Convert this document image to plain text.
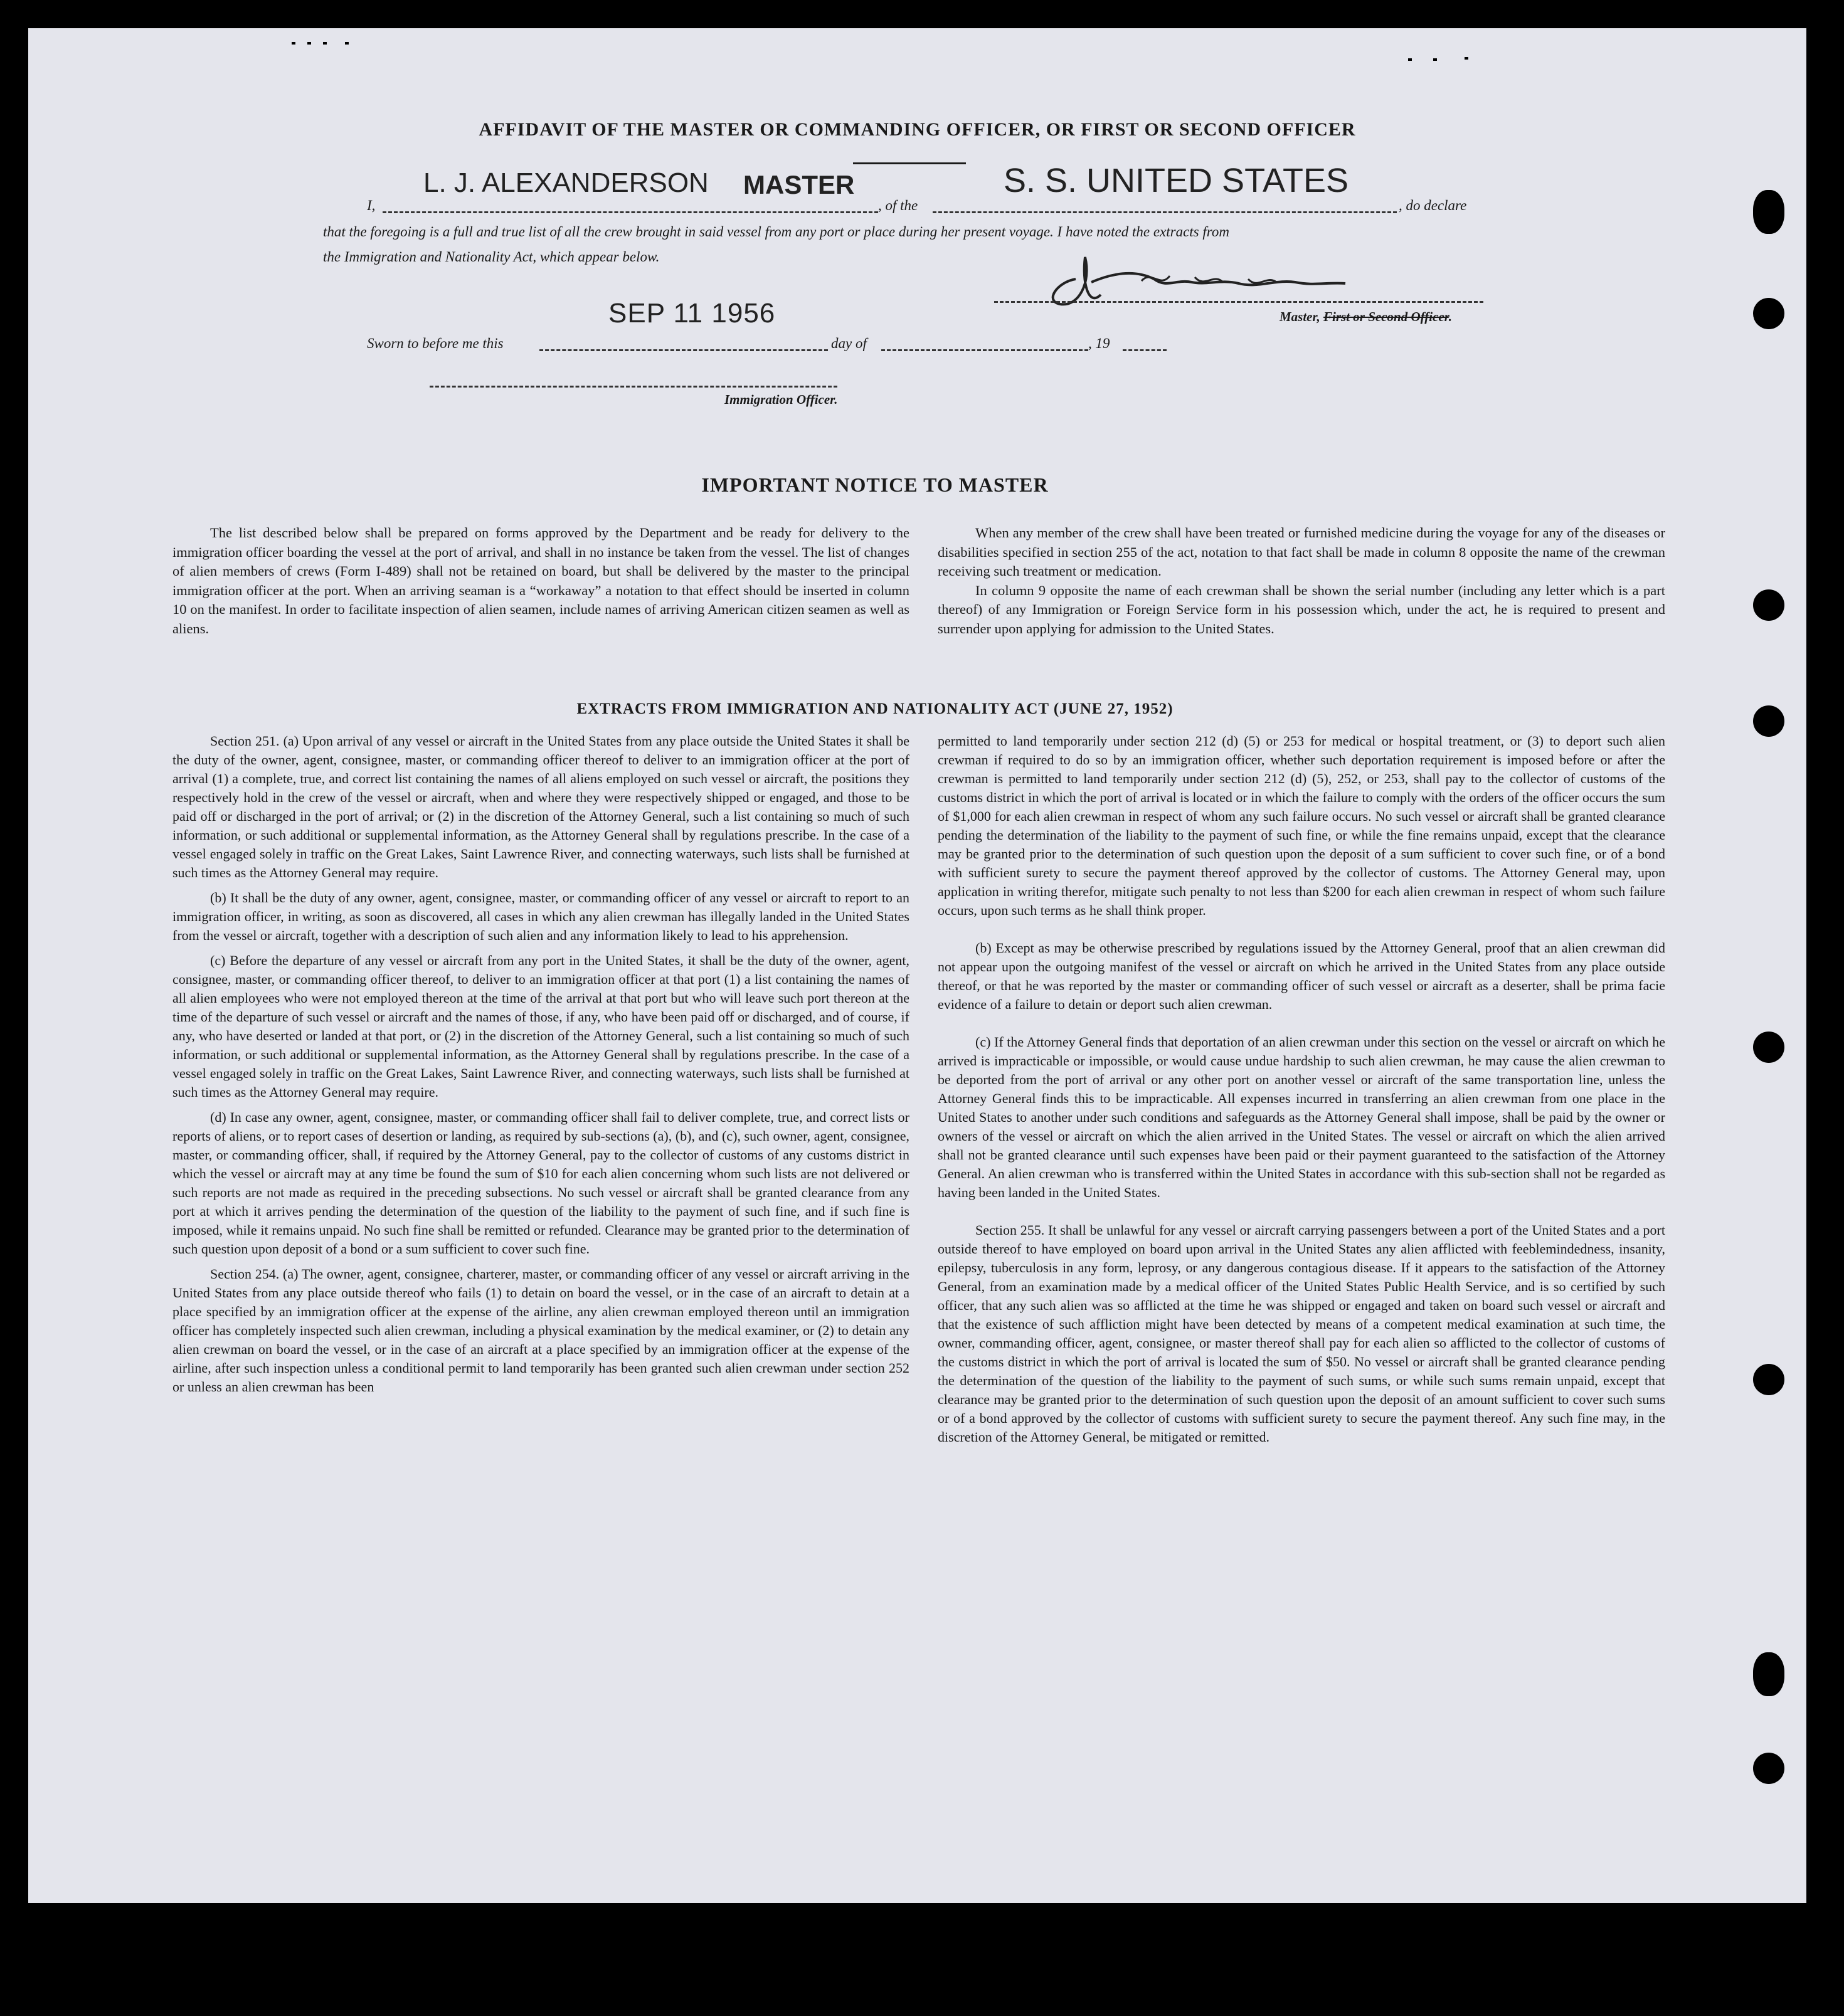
AFFIDAVIT OF THE MASTER OR COMMANDING OFFICER, OR FIRST OR SECOND OFFICER
I,
L. J. ALEXANDERSON MASTER
, of the
S. S. UNITED STATES
, do declare
that the foregoing is a full and true list of all the crew brought in said vessel from any port or place during her present voyage. I have noted the extracts from
the Immigration and Nationality Act, which appear below.
Master, First or Second Officer.
SEP 11 1956
Sworn to before me this	day of	, 19
Immigration Officer.
IMPORTANT NOTICE TO MASTER

The list described below shall be prepared on forms approved by the Department and be ready for delivery to the immigration officer boarding the vessel at the port of arrival, and shall in no instance be taken from the vessel. The list of changes of alien members of crews (Form I-489) shall not be retained on board, but shall be delivered by the master to the principal immigration officer at the port. When an arriving seaman is a “workaway” a notation to that effect should be inserted in column 10 on the manifest. In order to facilitate inspection of alien seamen, include names of arriving American citizen seamen as well as aliens.

When any member of the crew shall have been treated or furnished medicine during the voyage for any of the diseases or disabilities specified in section 255 of the act, notation to that fact shall be made in column 8 opposite the name of the crewman receiving such treatment or medication.

In column 9 opposite the name of each crewman shall be shown the serial number (including any letter which is a part thereof) of any Immigration or Foreign Service form in his possession which, under the act, he is required to present and surrender upon applying for admission to the United States.

EXTRACTS FROM IMMIGRATION AND NATIONALITY ACT (JUNE 27, 1952)

Section 251. (a) Upon arrival of any vessel or aircraft in the United States from any place outside the United States it shall be the duty of the owner, agent, consignee, master, or commanding officer thereof to deliver to an immigration officer at the port of arrival (1) a complete, true, and correct list containing the names of all aliens employed on such vessel or aircraft, the positions they respectively hold in the crew of the vessel or aircraft, when and where they were respectively shipped or engaged, and those to be paid off or discharged in the port of arrival; or (2) in the discretion of the Attorney General, such a list containing so much of such information, or such additional or supplemental information, as the Attorney General shall by regulations prescribe. In the case of a vessel engaged solely in traffic on the Great Lakes, Saint Lawrence River, and connecting waterways, such lists shall be furnished at such times as the Attorney General may require.

(b) It shall be the duty of any owner, agent, consignee, master, or commanding officer of any vessel or aircraft to report to an immigration officer, in writing, as soon as discovered, all cases in which any alien crewman has illegally landed in the United States from the vessel or aircraft, together with a description of such alien and any information likely to lead to his apprehension.

(c) Before the departure of any vessel or aircraft from any port in the United States, it shall be the duty of the owner, agent, consignee, master, or commanding officer thereof, to deliver to an immigration officer at that port (1) a list containing the names of all alien employees who were not employed thereon at the time of the arrival at that port but who will leave such port thereon at the time of the departure of such vessel or aircraft and the names of those, if any, who have been paid off or discharged, and of course, if any, who have deserted or landed at that port, or (2) in the discretion of the Attorney General, such a list containing so much of such information, or such additional or supplemental information, as the Attorney General shall by regulations prescribe. In the case of a vessel engaged solely in traffic on the Great Lakes, Saint Lawrence River, and connecting waterways, such lists shall be furnished at such times as the Attorney General may require.

(d) In case any owner, agent, consignee, master, or commanding officer shall fail to deliver complete, true, and correct lists or reports of aliens, or to report cases of desertion or landing, as required by sub-sections (a), (b), and (c), such owner, agent, consignee, master, or commanding officer, shall, if required by the Attorney General, pay to the collector of customs of any customs district in which the vessel or aircraft may at any time be found the sum of $10 for each alien concerning whom such lists are not delivered or such reports are not made as required in the preceding subsections. No such vessel or aircraft shall be granted clearance from any port at which it arrives pending the determination of the question of the liability to the payment of such fine, and if such fine is imposed, while it remains unpaid. No such fine shall be remitted or refunded. Clearance may be granted prior to the determination of such question upon deposit of a bond or a sum sufficient to cover such fine.

Section 254. (a) The owner, agent, consignee, charterer, master, or commanding officer of any vessel or aircraft arriving in the United States from any place outside thereof who fails (1) to detain on board the vessel, or in the case of an aircraft to detain at a place specified by an immigration officer at the expense of the airline, any alien crewman employed thereon until an immigration officer has completely inspected such alien crewman, including a physical examination by the medical examiner, or (2) to detain any alien crewman on board the vessel, or in the case of an aircraft at a place specified by an immigration officer at the expense of the airline, after such inspection unless a conditional permit to land temporarily has been granted such alien crewman under section 252 or unless an alien crewman has been

permitted to land temporarily under section 212 (d) (5) or 253 for medical or hospital treatment, or (3) to deport such alien crewman if required to do so by an immigration officer, whether such deportation requirement is imposed before or after the crewman is permitted to land temporarily under section 212 (d) (5), 252, or 253, shall pay to the collector of customs of the customs district in which the port of arrival is located or in which the failure to comply with the orders of the officer occurs the sum of $1,000 for each alien crewman in respect of whom any such failure occurs. No such vessel or aircraft shall be granted clearance pending the determination of the liability to the payment of such fine, or while the fine remains unpaid, except that the clearance may be granted prior to the determination of such question upon the deposit of a sum sufficient to cover such fine, or of a bond with sufficient surety to secure the payment thereof approved by the collector of customs. The Attorney General may, upon application in writing therefor, mitigate such penalty to not less than $200 for each alien crewman in respect of whom such failure occurs, upon such terms as he shall think proper.

(b) Except as may be otherwise prescribed by regulations issued by the Attorney General, proof that an alien crewman did not appear upon the outgoing manifest of the vessel or aircraft on which he arrived in the United States from any place outside thereof, or that he was reported by the master or commanding officer of such vessel or aircraft as a deserter, shall be prima facie evidence of a failure to detain or deport such alien crewman.

(c) If the Attorney General finds that deportation of an alien crewman under this section on the vessel or aircraft on which he arrived is impracticable or impossible, or would cause undue hardship to such alien crewman, he may cause the alien crewman to be deported from the port of arrival or any other port on another vessel or aircraft of the same transportation line, unless the Attorney General finds this to be impracticable. All expenses incurred in transferring an alien crewman from one place in the United States to another under such conditions and safeguards as the Attorney General shall impose, shall be paid by the owner or owners of the vessel or aircraft on which the alien arrived in the United States. The vessel or aircraft on which the alien arrived shall not be granted clearance until such expenses have been paid or their payment guaranteed to the satisfaction of the Attorney General. An alien crewman who is transferred within the United States in accordance with this sub-section shall not be regarded as having been landed in the United States.

Section 255. It shall be unlawful for any vessel or aircraft carrying passengers between a port of the United States and a port outside thereof to have employed on board upon arrival in the United States any alien afflicted with feeblemindedness, insanity, epilepsy, tuberculosis in any form, leprosy, or any dangerous contagious disease. If it appears to the satisfaction of the Attorney General, from an examination made by a medical officer of the United States Public Health Service, and is so certified by such officer, that any such alien was so afflicted at the time he was shipped or engaged and taken on board such vessel or aircraft and that the existence of such affliction might have been detected by means of a competent medical examination at such time, the owner, commanding officer, agent, consignee, or master thereof shall pay for each alien so afflicted to the collector of customs of the customs district in which the port of arrival is located the sum of $50. No vessel or aircraft shall be granted clearance pending the determination of the question of the liability to the payment of such sums, or while such sums remain unpaid, except that clearance may be granted prior to the determination of such question upon the deposit of an amount sufficient to cover such sums or of a bond approved by the collector of customs with sufficient surety to secure the payment thereof. Any such fine may, in the discretion of the Attorney General, be mitigated or remitted.
